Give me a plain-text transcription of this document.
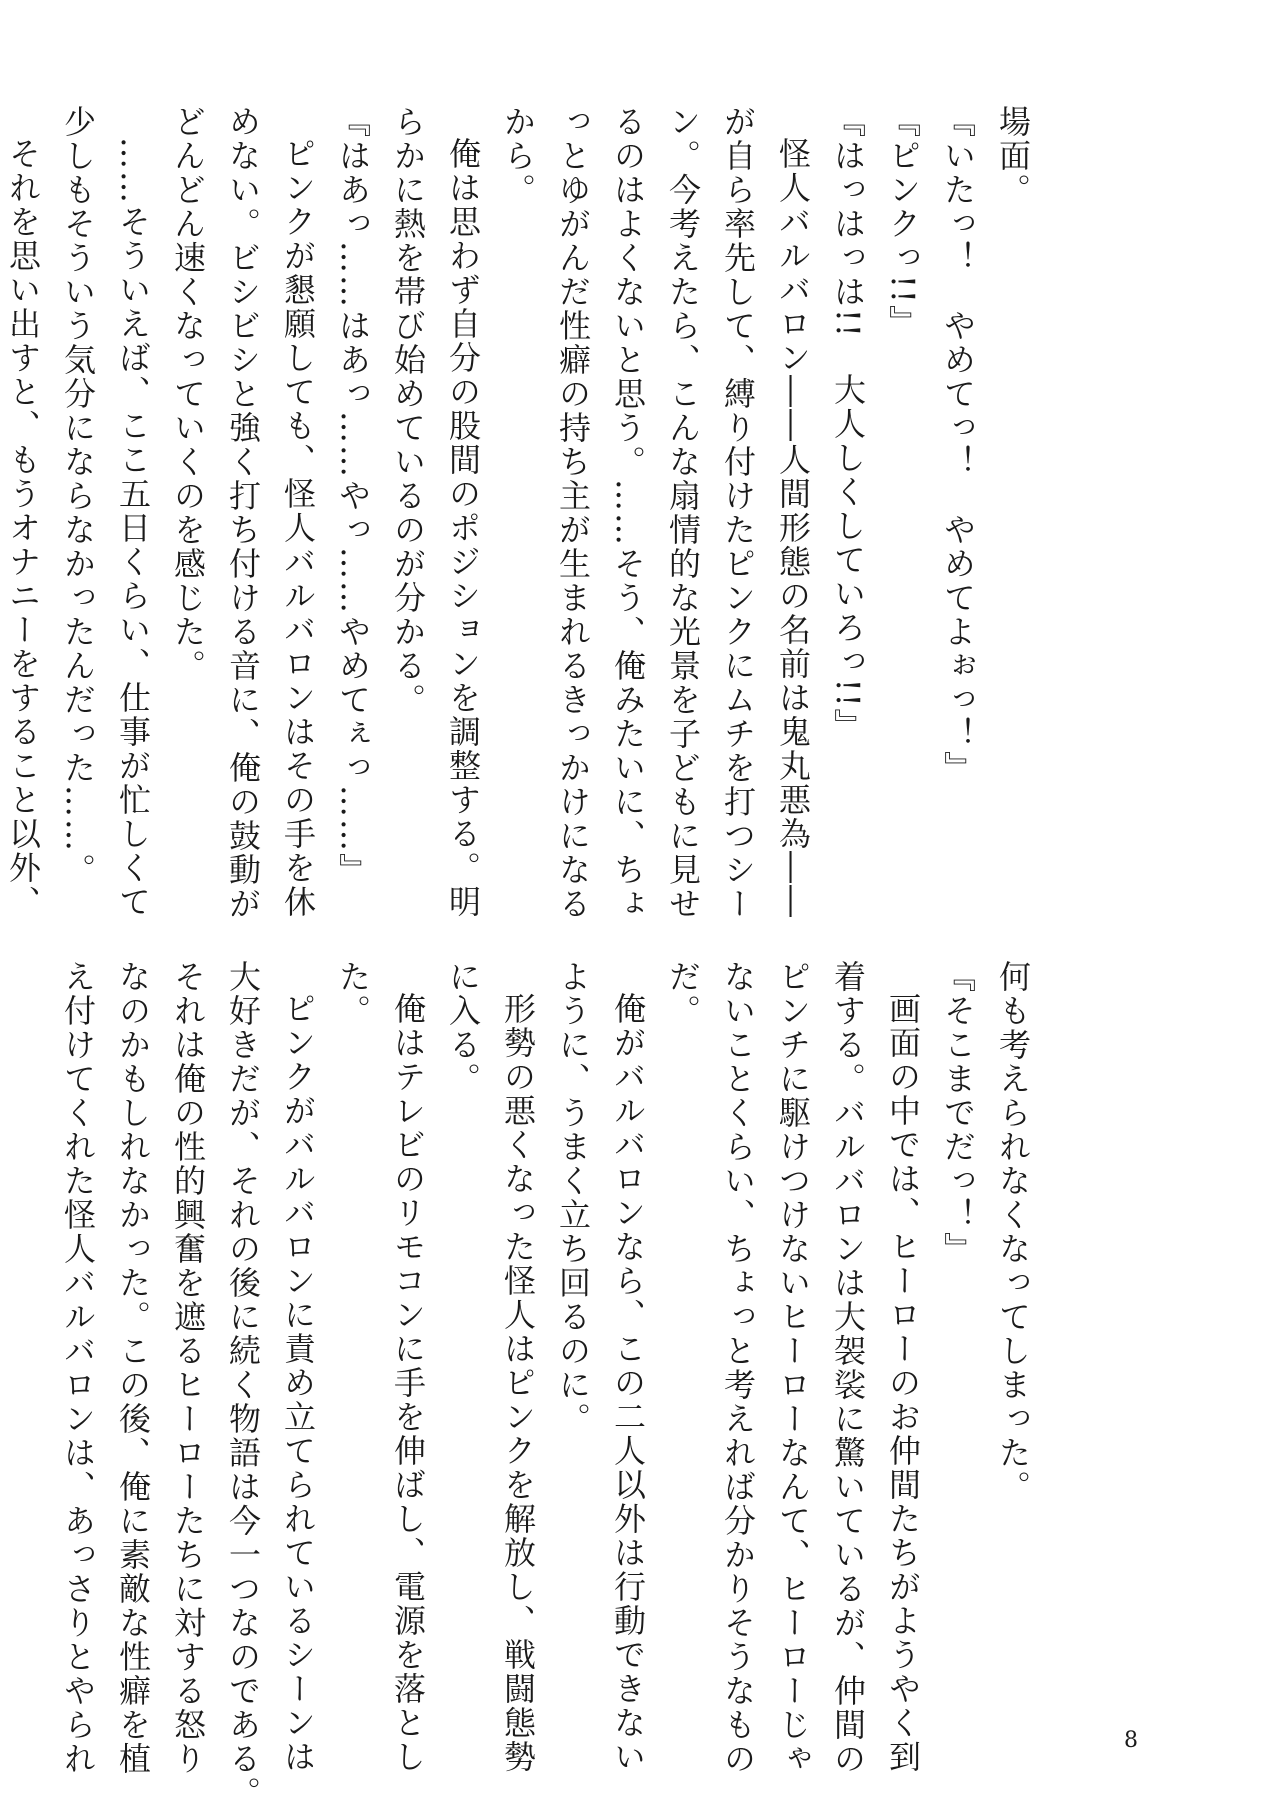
場面。

『いたっ！　やめてっ！　やめてよぉっ！』

『ピンクっ!!』

『はっはっは!!　大人しくしていろっ!!』

怪人バルバロン――人間形態の名前は鬼丸悪為――

が自ら率先して、縛り付けたピンクにムチを打つシー

ン。今考えたら、こんな扇情的な光景を子どもに見せ

るのはよくないと思う。……そう、俺みたいに、ちょ

っとゆがんだ性癖の持ち主が生まれるきっかけになる

から。

俺は思わず自分の股間のポジションを調整する。明

らかに熱を帯び始めているのが分かる。

『はあっ……はあっ……やっ……やめてぇっ……』

ピンクが懇願しても、怪人バルバロンはその手を休

めない。ビシビシと強く打ち付ける音に、俺の鼓動が

どんどん速くなっていくのを感じた。

……そういえば、ここ五日くらい、仕事が忙しくて

少しもそういう気分にならなかったんだった……。

それを思い出すと、もうオナニーをすること以外、

何も考えられなくなってしまった。

『そこまでだっ！』

画面の中では、ヒーローのお仲間たちがようやく到

着する。バルバロンは大袈裟に驚いているが、仲間の

ピンチに駆けつけないヒーローなんて、ヒーローじゃ

ないことくらい、ちょっと考えれば分かりそうなもの

だ。

俺がバルバロンなら、この二人以外は行動できない

ように、うまく立ち回るのに。

形勢の悪くなった怪人はピンクを解放し、戦闘態勢

に入る。

俺はテレビのリモコンに手を伸ばし、電源を落とし

た。

ピンクがバルバロンに責め立てられているシーンは

大好きだが、それの後に続く物語は今一つなのである。

それは俺の性的興奮を遮るヒーローたちに対する怒り

なのかもしれなかった。この後、俺に素敵な性癖を植

え付けてくれた怪人バルバロンは、あっさりとやられ	8
